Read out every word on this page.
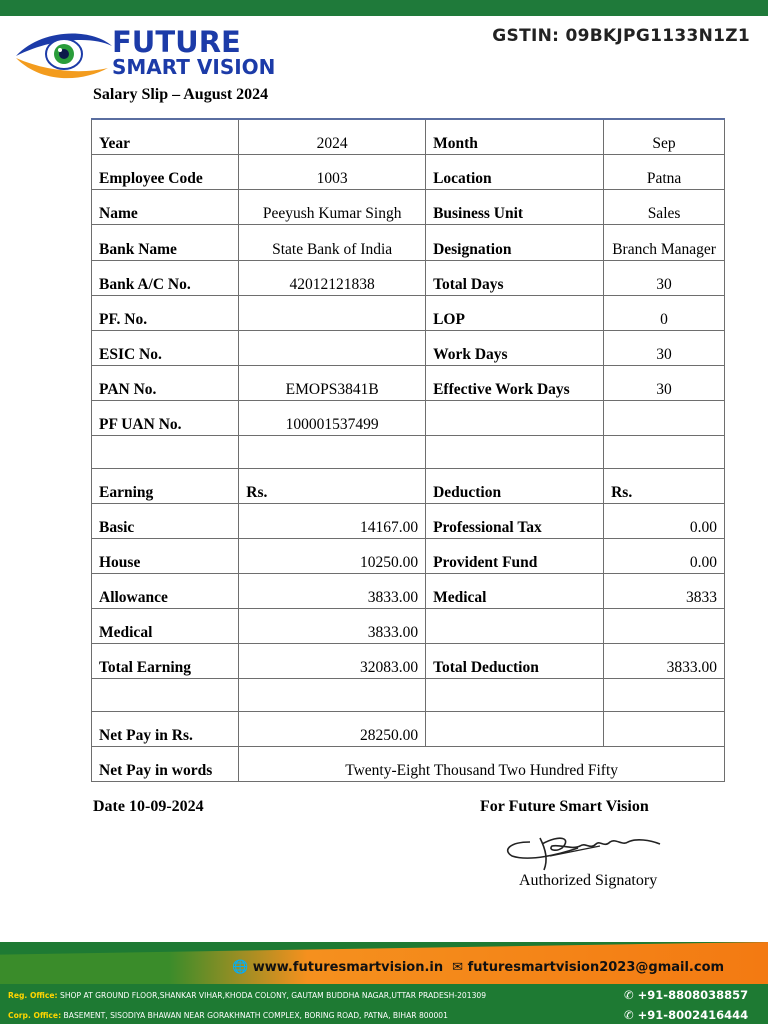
FUTURE
SMART VISION
GSTIN: 09BKJPG1133N1Z1
Salary Slip – August 2024
Year	2024	Month	Sep
Employee Code	1003	Location	Patna
Name	Peeyush Kumar Singh	Business Unit	Sales
Bank Name	State Bank of India	Designation	Branch Manager
Bank A/C No.	42012121838	Total Days	30
PF. No.		LOP	0
ESIC No.		Work Days	30
PAN No.	EMOPS3841B	Effective Work Days	30
PF UAN No.	100001537499		

Earning	Rs.	Deduction	Rs.
Basic	14167.00	Professional Tax	0.00
House	10250.00	Provident Fund	0.00
Allowance	3833.00	Medical	3833
Medical	3833.00		
Total Earning	32083.00	Total Deduction	3833.00

Net Pay in Rs.	28250.00		
Net Pay in words	Twenty-Eight Thousand Two Hundred Fifty		
Date 10-09-2024	For Future Smart Vision
Authorized Signatory
🌐 www.futuresmartvision.in ✉ futuresmartvision2023@gmail.com
Reg. Office: SHOP AT GROUND FLOOR,SHANKAR VIHAR,KHODA COLONY, GAUTAM BUDDHA NAGAR,UTTAR PRADESH-201309	✆ +91-8808038857
Corp. Office: BASEMENT, SISODIYA BHAWAN NEAR GORAKHNATH COMPLEX, BORING ROAD, PATNA, BIHAR 800001	✆ +91-8002416444
